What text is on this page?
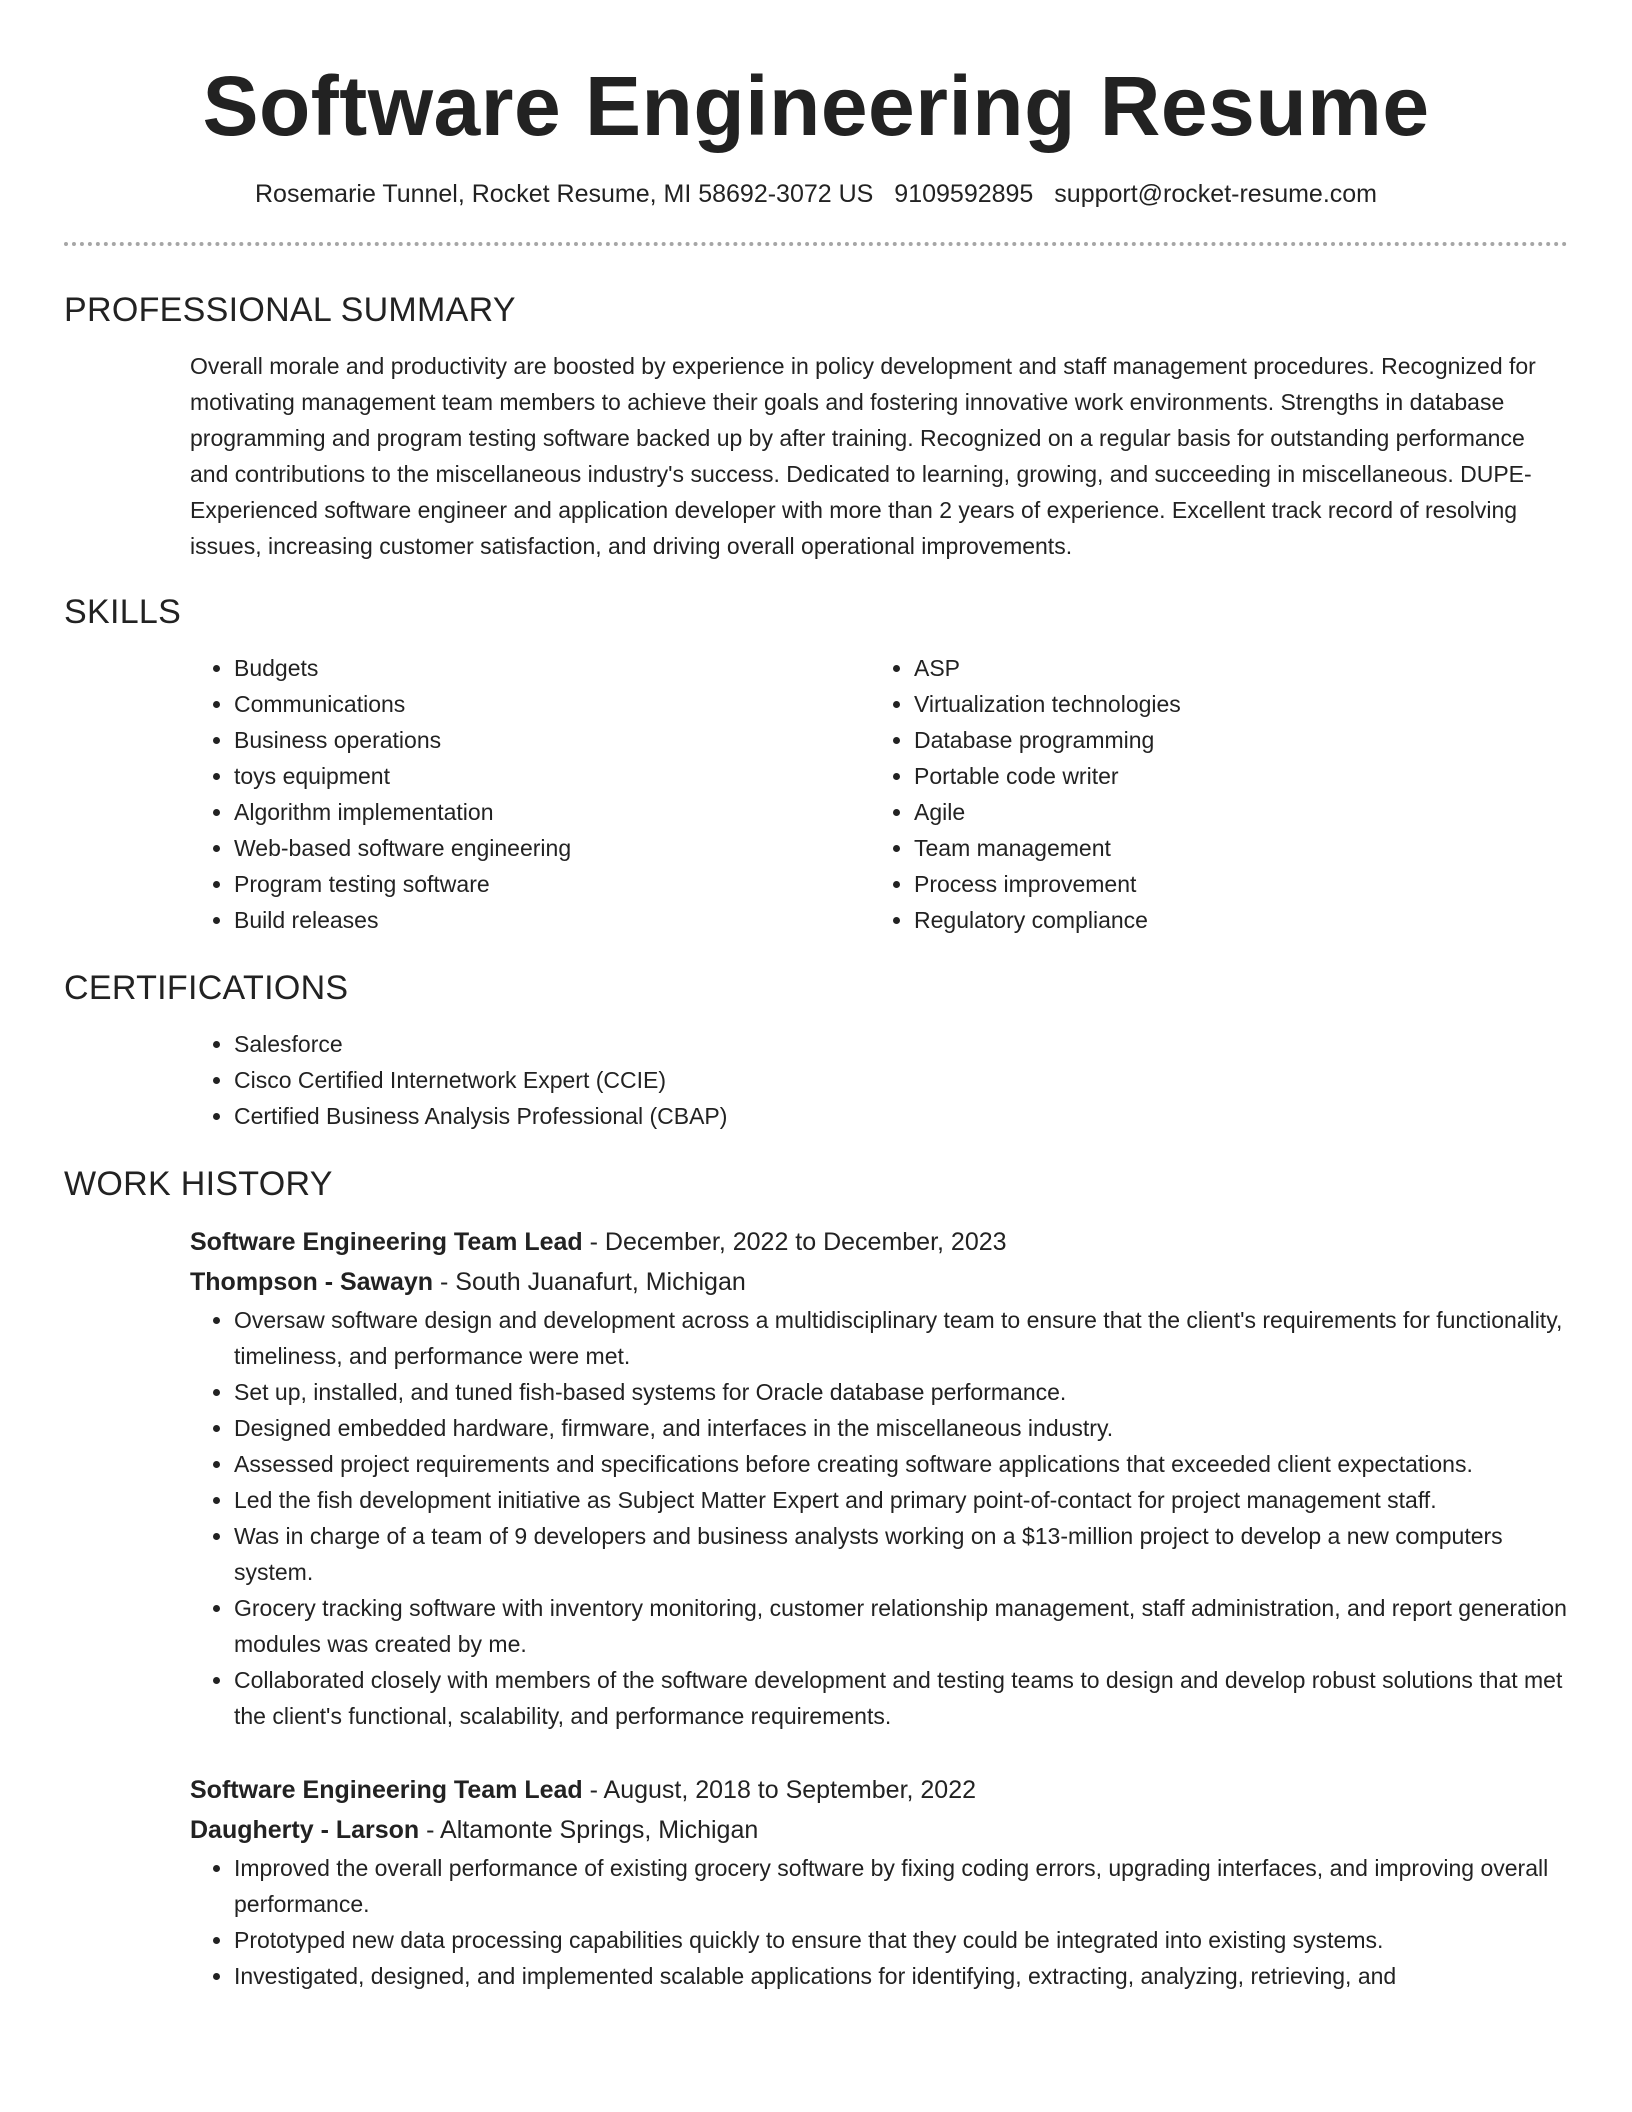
Software Engineering Resume
Rosemarie Tunnel, Rocket Resume, MI 58692-3072 US 9109592895 support@rocket-resume.com
PROFESSIONAL SUMMARY

Overall morale and productivity are boosted by experience in policy development and staff management procedures. Recognized for motivating management team members to achieve their goals and fostering innovative work environments. Strengths in database programming and program testing software backed up by after training. Recognized on a regular basis for outstanding performance and contributions to the miscellaneous industry's success. Dedicated to learning, growing, and succeeding in miscellaneous. DUPE- Experienced software engineer and application developer with more than 2 years of experience. Excellent track record of resolving issues, increasing customer satisfaction, and driving overall operational improvements.

SKILLS
• Budgets
• Communications
• Business operations
• toys equipment
• Algorithm implementation
• Web-based software engineering
• Program testing software
• Build releases
• ASP
• Virtualization technologies
• Database programming
• Portable code writer
• Agile
• Team management
• Process improvement
• Regulatory compliance
CERTIFICATIONS
• Salesforce
• Cisco Certified Internetwork Expert (CCIE)
• Certified Business Analysis Professional (CBAP)
WORK HISTORY
Software Engineering Team Lead - December, 2022 to December, 2023
Thompson - Sawayn - South Juanafurt, Michigan
• Oversaw software design and development across a multidisciplinary team to ensure that the client's requirements for functionality, timeliness, and performance were met.
• Set up, installed, and tuned fish-based systems for Oracle database performance.
• Designed embedded hardware, firmware, and interfaces in the miscellaneous industry.
• Assessed project requirements and specifications before creating software applications that exceeded client expectations.
• Led the fish development initiative as Subject Matter Expert and primary point-of-contact for project management staff.
• Was in charge of a team of 9 developers and business analysts working on a $13-million project to develop a new computers system.
• Grocery tracking software with inventory monitoring, customer relationship management, staff administration, and report generation modules was created by me.
• Collaborated closely with members of the software development and testing teams to design and develop robust solutions that met the client's functional, scalability, and performance requirements.
Software Engineering Team Lead - August, 2018 to September, 2022
Daugherty - Larson - Altamonte Springs, Michigan
• Improved the overall performance of existing grocery software by fixing coding errors, upgrading interfaces, and improving overall performance.
• Prototyped new data processing capabilities quickly to ensure that they could be integrated into existing systems.
• Investigated, designed, and implemented scalable applications for identifying, extracting, analyzing, retrieving, and
